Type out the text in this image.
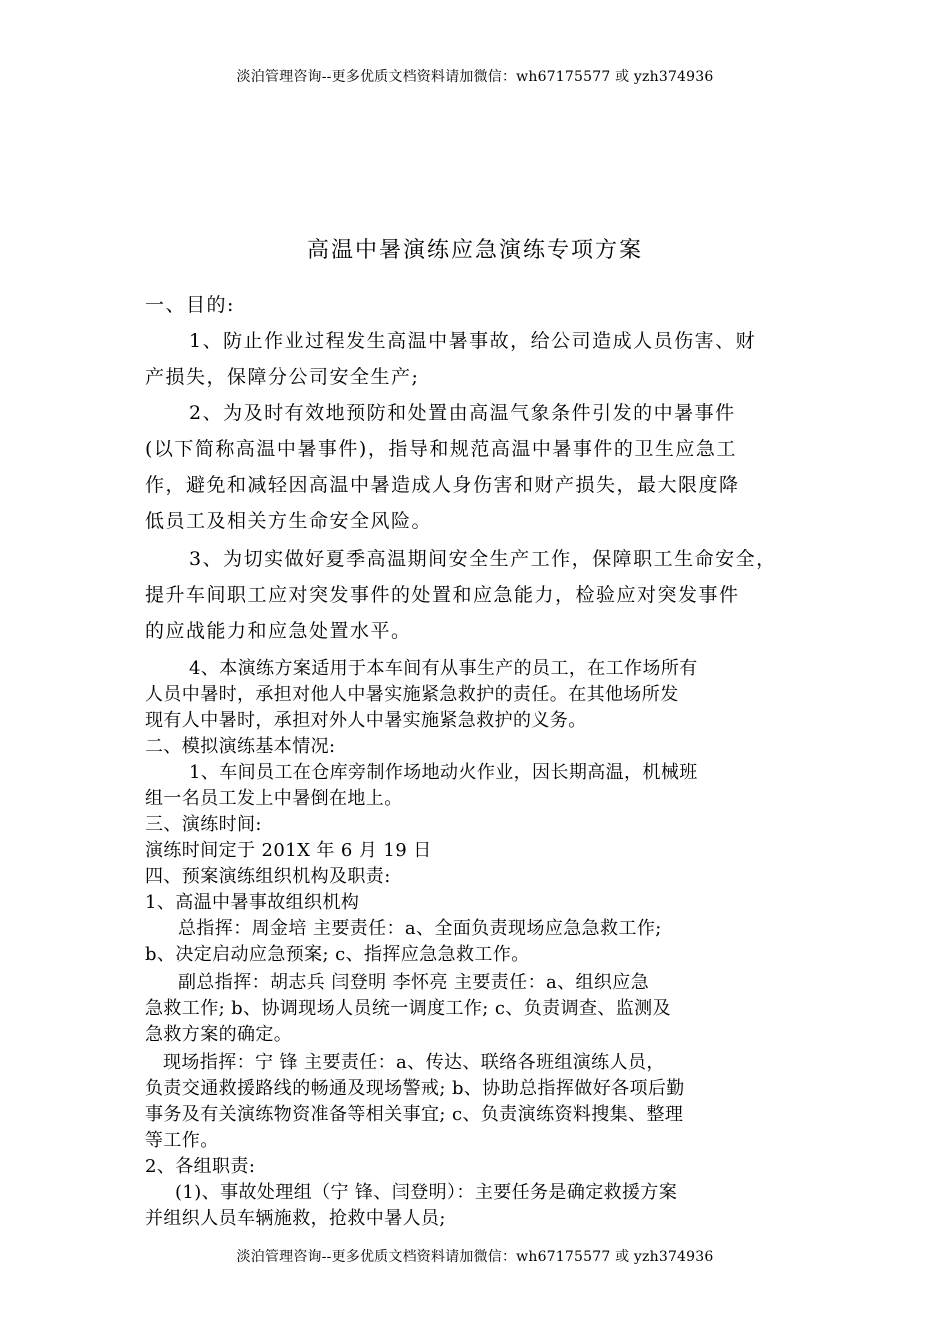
淡泊管理咨询--更多优质文档资料请加微信：wh67175577 或 yzh374936
高温中暑演练应急演练专项方案
一、目的:
1、防止作业过程发生高温中暑事故，给公司造成人员伤害、财
产损失，保障分公司安全生产;
2、为及时有效地预防和处置由高温气象条件引发的中暑事件
(以下简称高温中暑事件)，指导和规范高温中暑事件的卫生应急工
作，避免和减轻因高温中暑造成人身伤害和财产损失，最大限度降
低员工及相关方生命安全风险。
3、为切实做好夏季高温期间安全生产工作，保障职工生命安全，
提升车间职工应对突发事件的处置和应急能力，检验应对突发事件
的应战能力和应急处置水平。
4、本演练方案适用于本车间有从事生产的员工，在工作场所有
人员中暑时，承担对他人中暑实施紧急救护的责任。在其他场所发
现有人中暑时，承担对外人中暑实施紧急救护的义务。
二、模拟演练基本情况:
1、车间员工在仓库旁制作场地动火作业，因长期高温，机械班
组一名员工发上中暑倒在地上。
三、演练时间:
演练时间定于 201X 年 6 月 19 日
四、预案演练组织机构及职责:
1、高温中暑事故组织机构
总指挥：周金培 主要责任：a、全面负责现场应急急救工作;
b、决定启动应急预案; c、指挥应急急救工作。
副总指挥：胡志兵 闫登明 李怀亮 主要责任：a、组织应急
急救工作; b、协调现场人员统一调度工作; c、负责调查、监测及
急救方案的确定。
现场指挥：宁 锋 主要责任：a、传达、联络各班组演练人员，
负责交通救援路线的畅通及现场警戒; b、协助总指挥做好各项后勤
事务及有关演练物资准备等相关事宜; c、负责演练资料搜集、整理
等工作。
2、各组职责:
(1)、事故处理组（宁 锋、闫登明）：主要任务是确定救援方案
并组织人员车辆施救，抢救中暑人员;
淡泊管理咨询--更多优质文档资料请加微信：wh67175577 或 yzh374936
